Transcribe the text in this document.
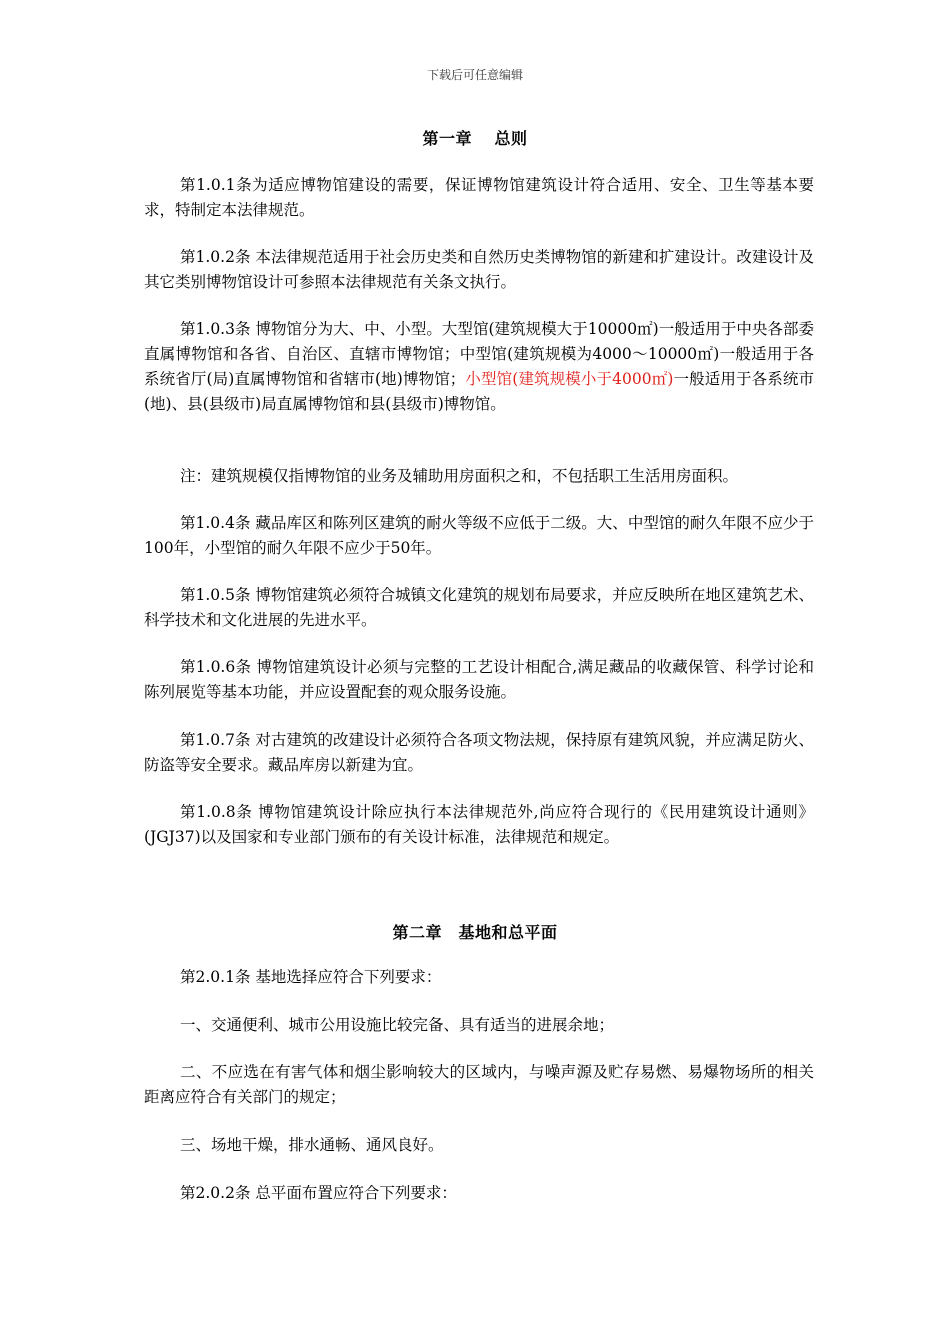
下载后可任意编辑
第一章　 总则
第1.0.1条为适应博物馆建设的需要，保证博物馆建筑设计符合适用、安全、卫生等基本要求，特制定本法律规范。
第1.0.2条 本法律规范适用于社会历史类和自然历史类博物馆的新建和扩建设计。改建设计及其它类别博物馆设计可参照本法律规范有关条文执行。
第1.0.3条 博物馆分为大、中、小型。大型馆(建筑规模大于10000㎡)一般适用于中央各部委直属博物馆和各省、自治区、直辖市博物馆；中型馆(建筑规模为4000～10000㎡)一般适用于各系统省厅(局)直属博物馆和省辖市(地)博物馆；小型馆(建筑规模小于4000㎡)一般适用于各系统市(地)、县(县级市)局直属博物馆和县(县级市)博物馆。
注：建筑规模仅指博物馆的业务及辅助用房面积之和，不包括职工生活用房面积。
第1.0.4条 藏品库区和陈列区建筑的耐火等级不应低于二级。大、中型馆的耐久年限不应少于100年，小型馆的耐久年限不应少于50年。
第1.0.5条 博物馆建筑必须符合城镇文化建筑的规划布局要求，并应反映所在地区建筑艺术、科学技术和文化进展的先进水平。
第1.0.6条 博物馆建筑设计必须与完整的工艺设计相配合,满足藏品的收藏保管、科学讨论和陈列展览等基本功能，并应设置配套的观众服务设施。
第1.0.7条 对古建筑的改建设计必须符合各项文物法规，保持原有建筑风貌，并应满足防火、防盗等安全要求。藏品库房以新建为宜。
第1.0.8条 博物馆建筑设计除应执行本法律规范外,尚应符合现行的《民用建筑设计通则》(JGJ37)以及国家和专业部门颁布的有关设计标准，法律规范和规定。
第二章　基地和总平面
第2.0.1条 基地选择应符合下列要求：
一、交通便利、城市公用设施比较完备、具有适当的进展余地；
二、不应选在有害气体和烟尘影响较大的区域内，与噪声源及贮存易燃、易爆物场所的相关距离应符合有关部门的规定；
三、场地干燥，排水通畅、通风良好。
第2.0.2条 总平面布置应符合下列要求：
